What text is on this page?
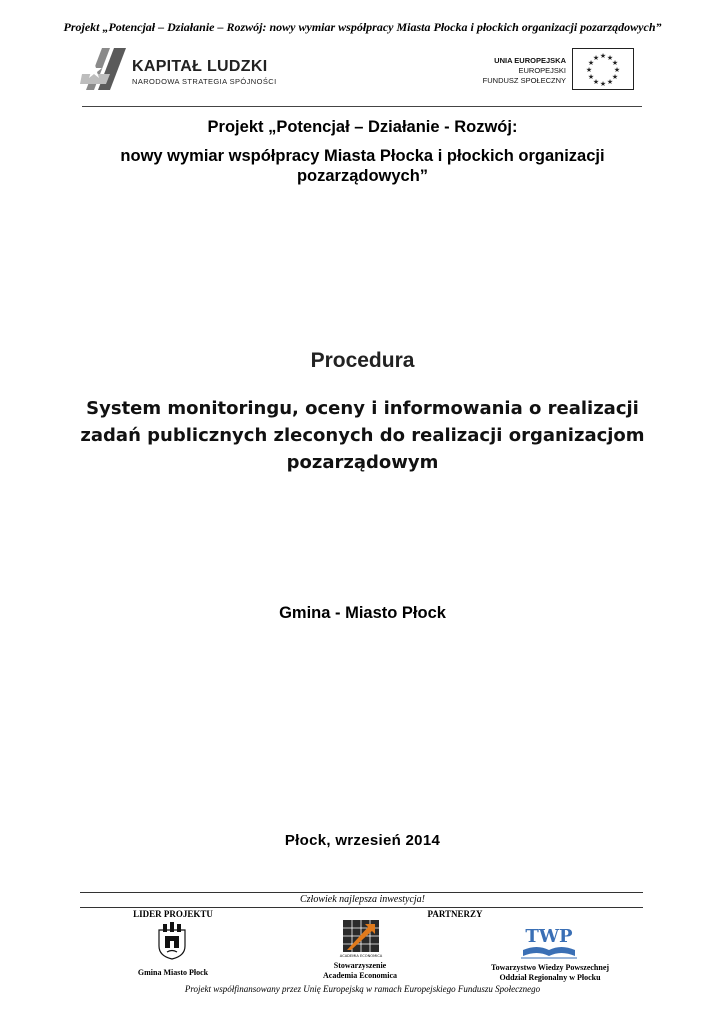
Projekt „Potencjał – Działanie – Rozwój: nowy wymiar współpracy Miasta Płocka i płockich organizacji pozarządowych”
KAPITAŁ LUDZKI
NARODOWA STRATEGIA SPÓJNOŚCI
UNIA EUROPEJSKA
EUROPEJSKI
FUNDUSZ SPOŁECZNY
★ ★
★
★
★
★
★
★
★
★
★
★
Projekt „Potencjał – Działanie - Rozwój:
nowy wymiar współpracy Miasta Płocka i płockich organizacji pozarządowych”
Procedura
System monitoringu, oceny i informowania o realizacji zadań publicznych zleconych do realizacji organizacjom pozarządowym
Gmina - Miasto Płock
Płock, wrzesień 2014
Człowiek najlepsza inwestycja!
LIDER PROJEKTU	PARTNERZY
Gmina Miasto Płock
ACADEMIA ECONOMICA
Stowarzyszenie
Academia Economica
TWP
Towarzystwo Wiedzy Powszechnej
Oddział Regionalny w Płocku
Projekt współfinansowany przez Unię Europejską w ramach Europejskiego Funduszu Społecznego
